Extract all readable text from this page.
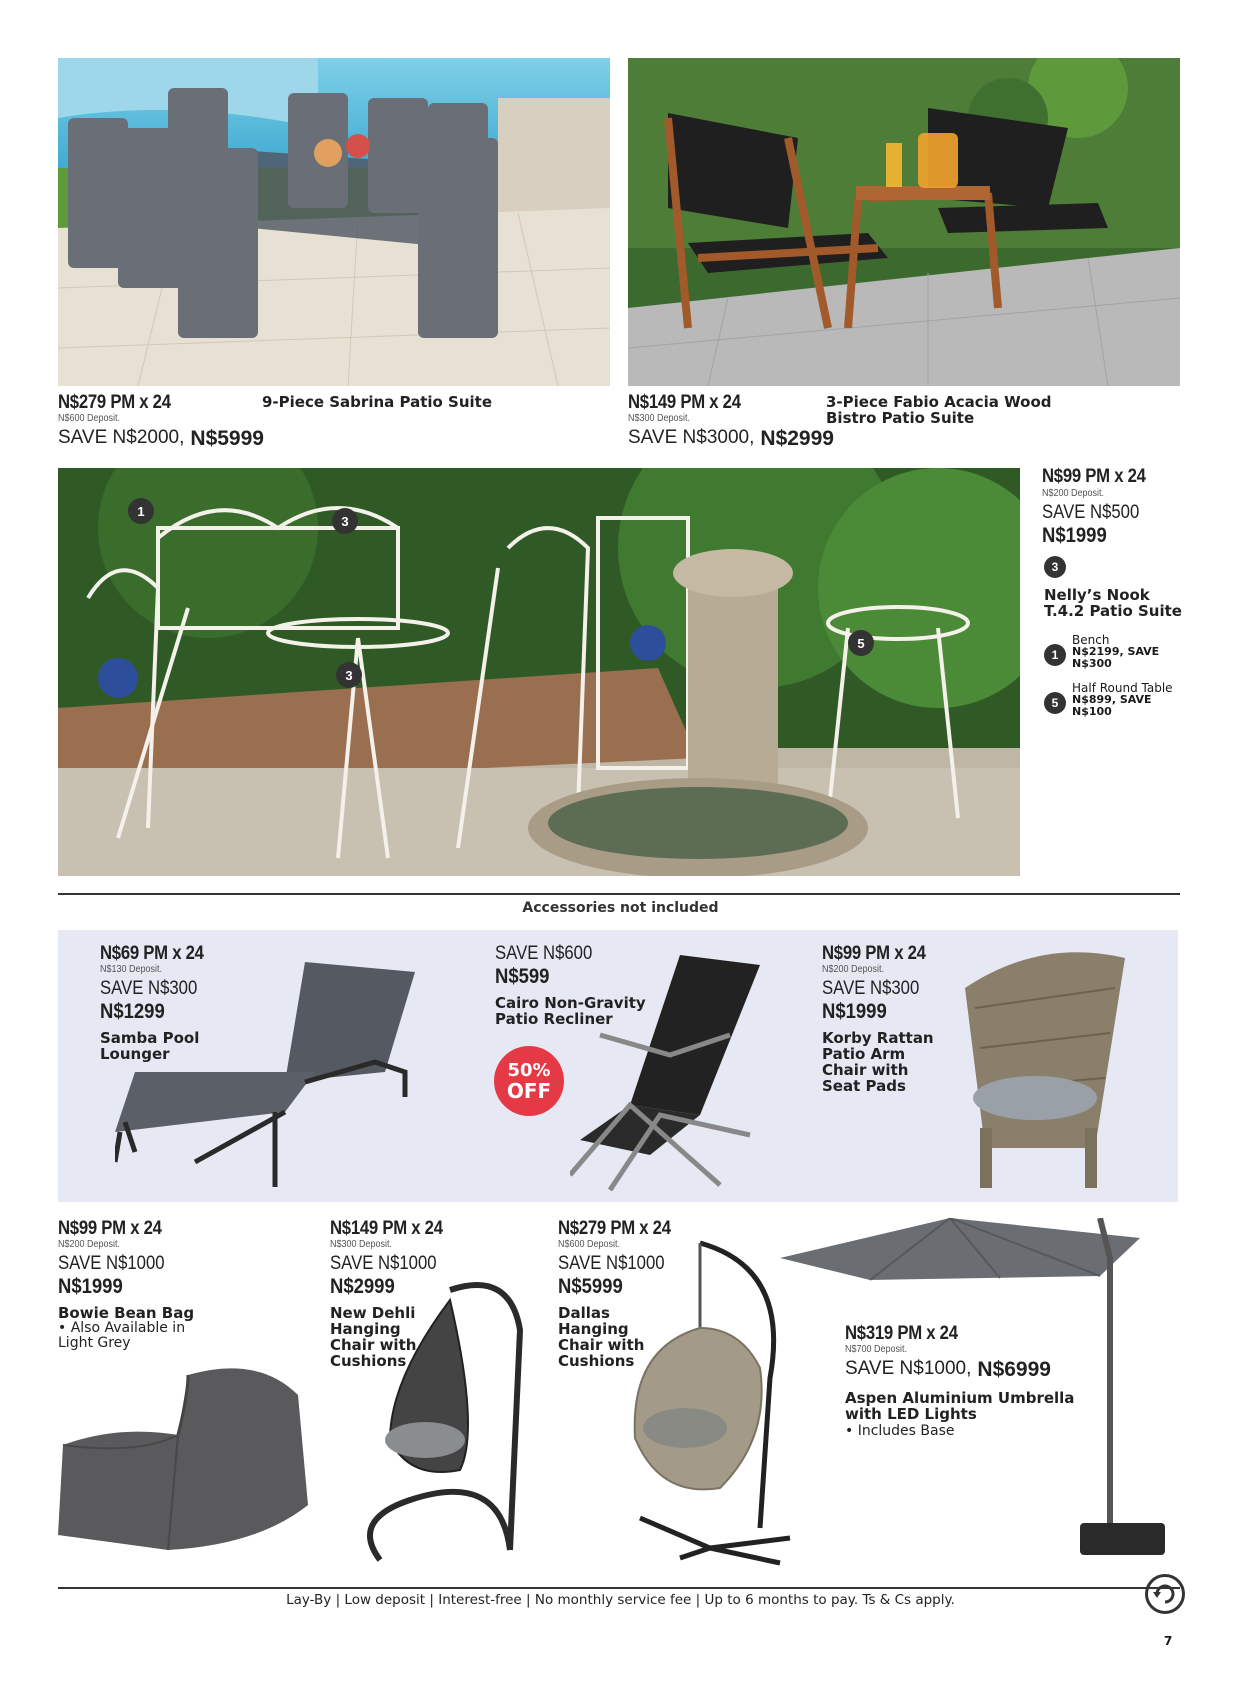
N$279 PM x 24
N$600 Deposit.
SAVE N$2000, N$5999
9-Piece Sabrina Patio Suite	N$149 PM x 24
N$300 Deposit.
SAVE N$3000, N$2999
3-Piece Fabio Acacia Wood Bistro Patio Suite
1
3
3
5
N$99 PM x 24
N$200 Deposit.
SAVE N$500
N$1999
3
Nelly’s Nook T.4.2 Patio Suite
1
Bench
N$2199, SAVE N$300
5
Half Round Table
N$899, SAVE N$100
Accessories not included
N$69 PM x 24
N$130 Deposit.
SAVE N$300
N$1299
Samba Pool Lounger
SAVE N$600
N$599
Cairo Non-Gravity Patio Recliner
50%
OFF
N$99 PM x 24
N$200 Deposit.
SAVE N$300
N$1999
Korby Rattan Patio Arm Chair with Seat Pads
N$99 PM x 24
N$200 Deposit.
SAVE N$1000
N$1999
Bowie Bean Bag
• Also Available in Light Grey
N$149 PM x 24
N$300 Deposit.
SAVE N$1000
N$2999
New Dehli Hanging Chair with Cushions
N$279 PM x 24
N$600 Deposit.
SAVE N$1000
N$5999
Dallas Hanging Chair with Cushions
N$319 PM x 24
N$700 Deposit.
SAVE N$1000, N$6999
Aspen Aluminium Umbrella with LED Lights
• Includes Base
Lay-By | Low deposit | Interest-free | No monthly service fee | Up to 6 months to pay. Ts & Cs apply.
7
